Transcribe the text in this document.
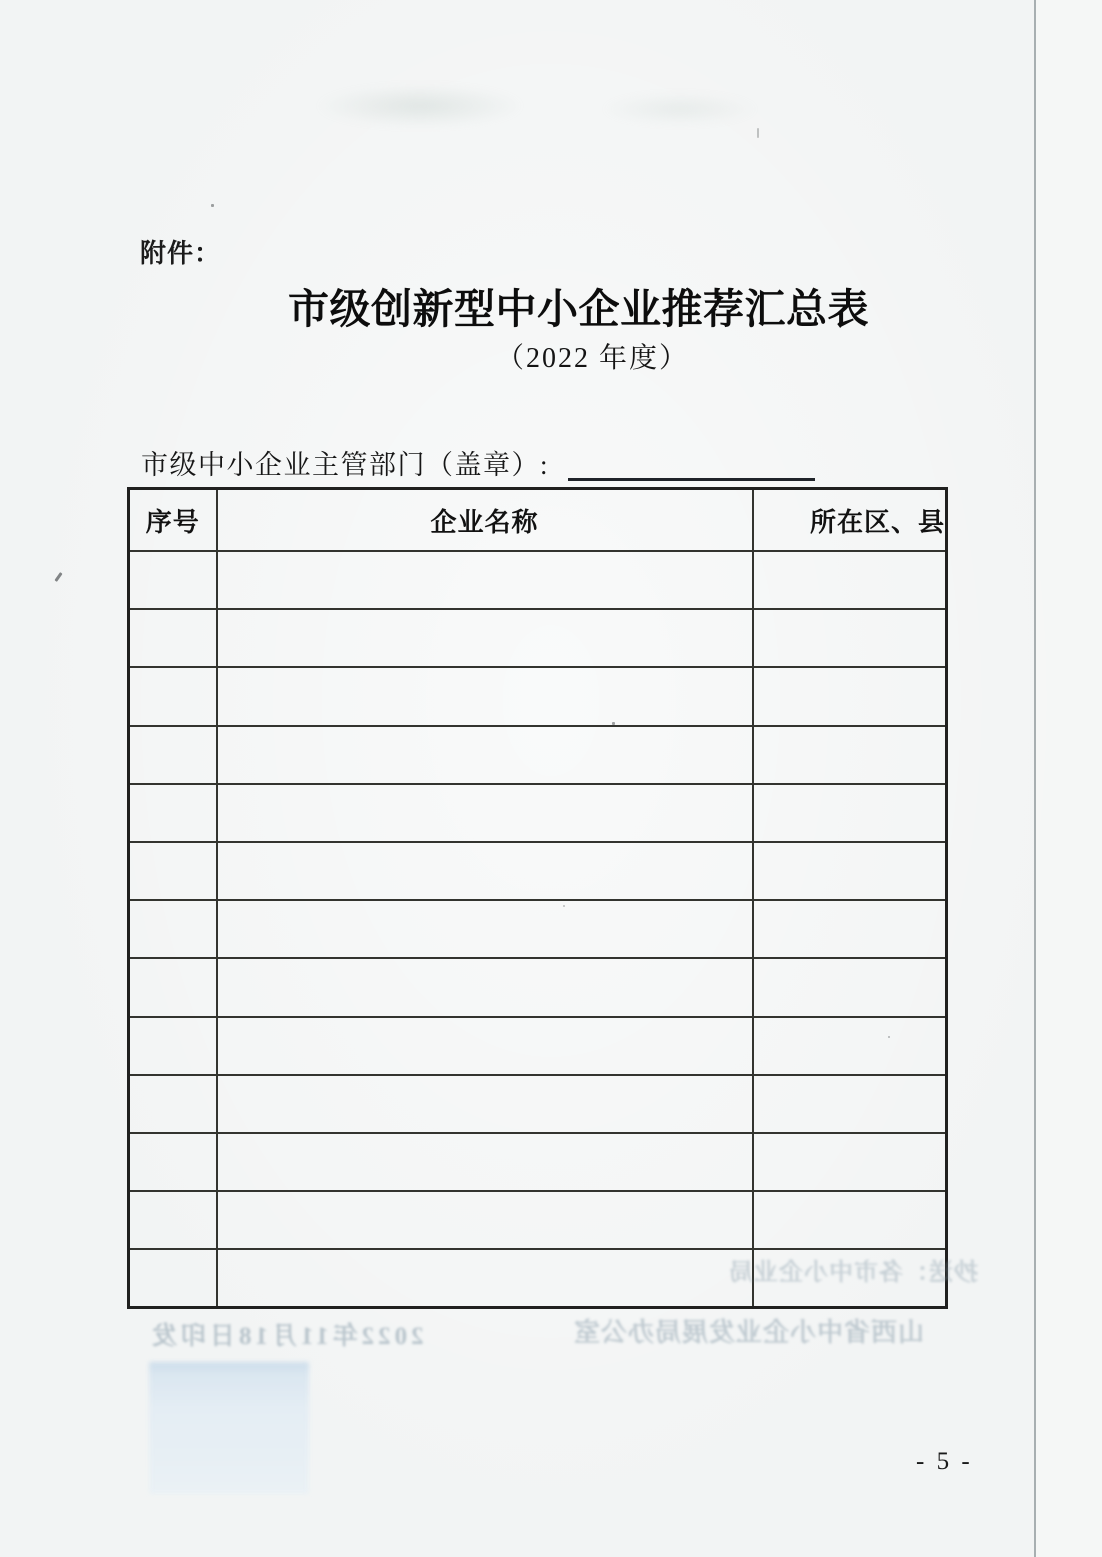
附件：
市级创新型中小企业推荐汇总表
（2022 年度）
市级中小企业主管部门（盖章）:
序号	企业名称	所在区、县

抄送：各市中小企业局
山西省中小企业发展局办公室
2022年11月18日印发
- 5 -
